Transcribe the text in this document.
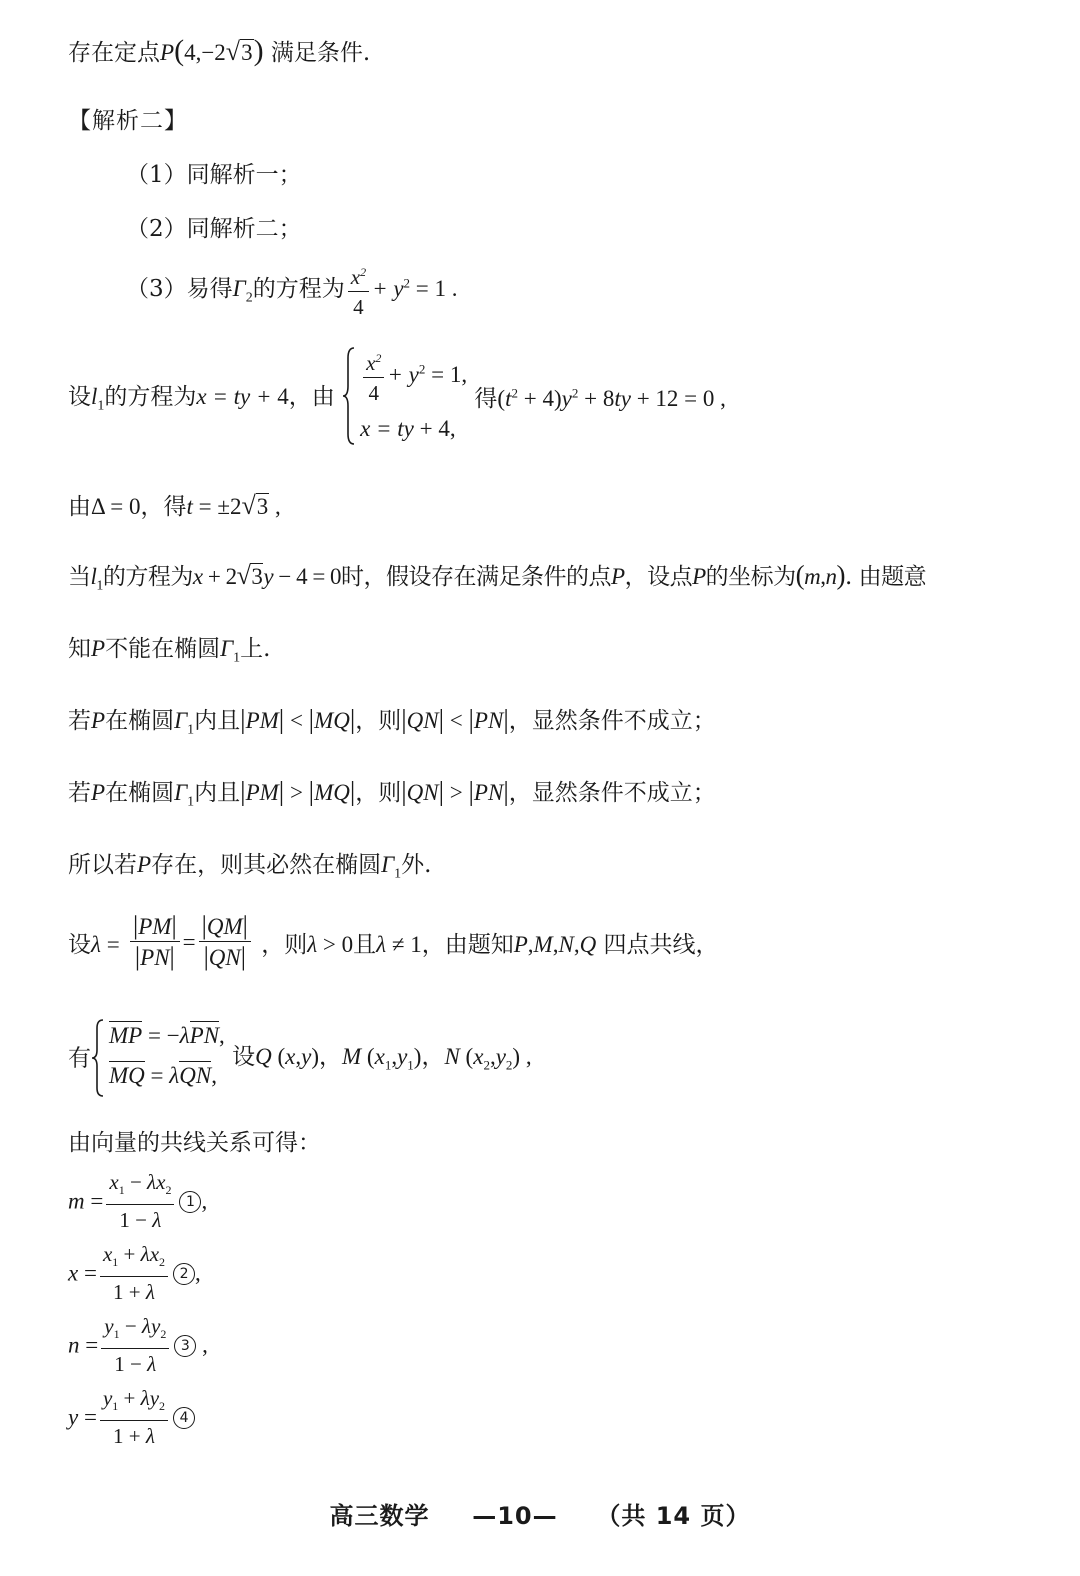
存在定点P(4,−2√3) 满足条件.
【解析二】
（1）同解析一；
（2）同解析二；
（3）易得$\Gamma_2$的方程为 $\frac{x^2}{4} + y^2 = 1$ .
设$l_1$的方程为x = ty + 4，由 $\frac{x^2}{4} + y^2 = 1$,
x = ty + 4,
得$(t^2 + 4)y^2 + 8ty + 12 = 0$ ,
由Δ = 0，得t = ±2√3 ,
当$l_1$的方程为x + 2√3y − 4 = 0时，假设存在满足条件的点P，设点P的坐标为(m,n). 由题意
知P不能在椭圆$\Gamma_1$上.
若P在椭圆$\Gamma_1$内且|PM| < |MQ|，则|QN| < |PN|，显然条件不成立；
若P在椭圆$\Gamma_1$内且|PM| > |MQ|，则|QN| > |PN|，显然条件不成立；
所以若P存在，则其必然在椭圆$\Gamma_1$外.
设$\lambda = \frac{|PM|}{|PN|} = \frac{|QM|}{|QN|}$ ，则λ > 0且λ ≠ 1，由题知P,M,N,Q 四点共线，
有
MP = −λPN,
MQ = λQN,
设Q (x,y)，M $(x_1,y_1)$，N $(x_2,y_2)$ ,
由向量的共线关系可得：
$m = \frac{x_1 - \lambda x_2}{1 - \lambda} 1$ ,
$x = \frac{x_1 + \lambda x_2}{1 + \lambda} 2$ ,
$n = \frac{y_1 - \lambda y_2}{1 - \lambda} 3$ ,
$y = \frac{y_1 + \lambda y_2}{1 + \lambda} 4$
高三数学 —10— （共 14 页）
